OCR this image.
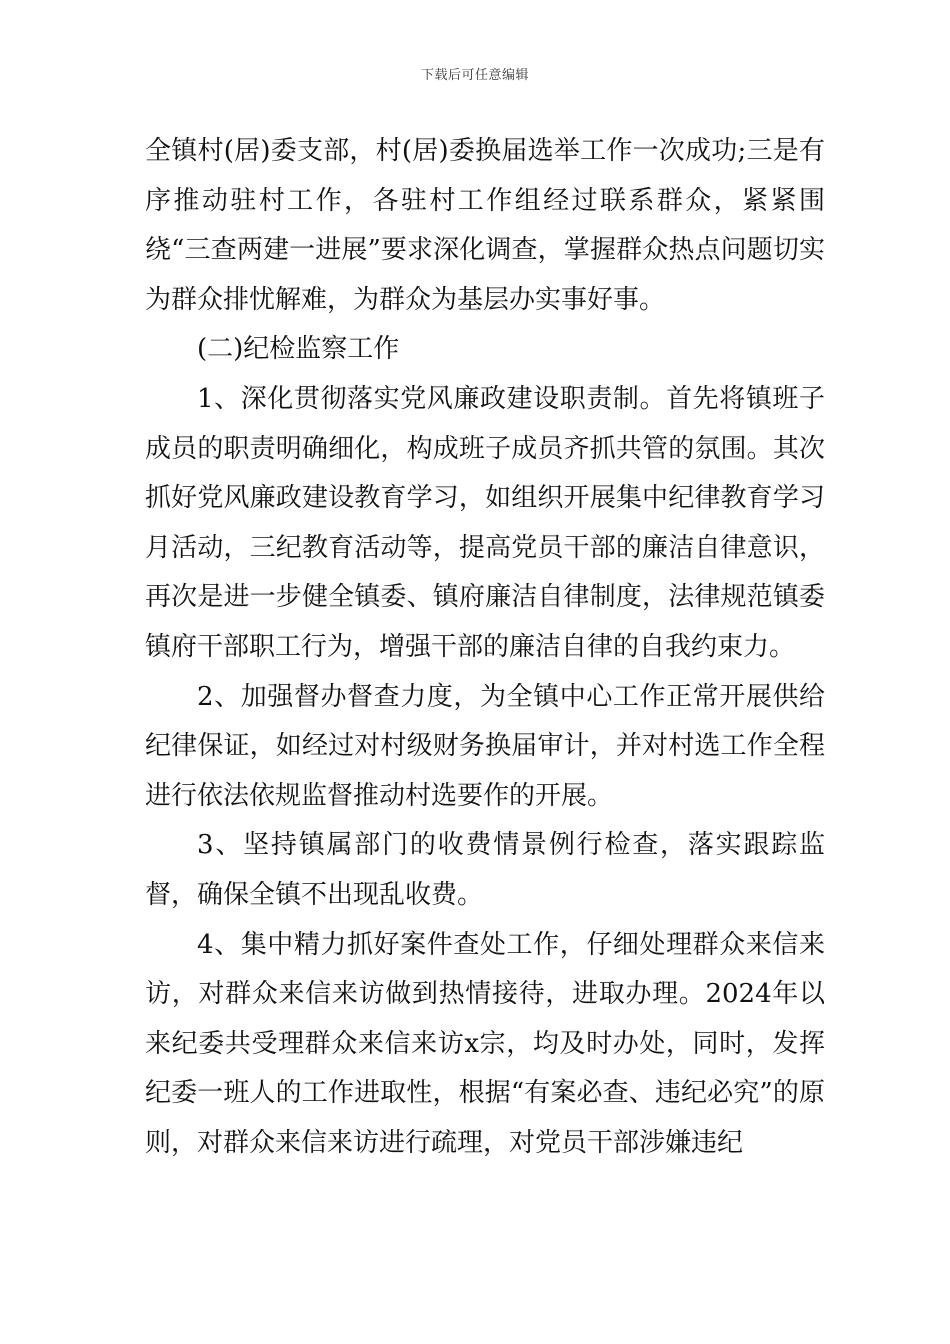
下载后可任意编辑

全镇村(居)委支部，村(居)委换届选举工作一次成功;三是有序推动驻村工作，各驻村工作组经过联系群众，紧紧围绕“三查两建一进展”要求深化调查，掌握群众热点问题切实为群众排忧解难，为群众为基层办实事好事。

(二)纪检监察工作

1、深化贯彻落实党风廉政建设职责制。首先将镇班子成员的职责明确细化，构成班子成员齐抓共管的氛围。其次抓好党风廉政建设教育学习，如组织开展集中纪律教育学习月活动，三纪教育活动等，提高党员干部的廉洁自律意识，再次是进一步健全镇委、镇府廉洁自律制度，法律规范镇委镇府干部职工行为，增强干部的廉洁自律的自我约束力。

2、加强督办督查力度，为全镇中心工作正常开展供给纪律保证，如经过对村级财务换届审计，并对村选工作全程进行依法依规监督推动村选要作的开展。

3、坚持镇属部门的收费情景例行检查，落实跟踪监督，确保全镇不出现乱收费。

4、集中精力抓好案件查处工作，仔细处理群众来信来访，对群众来信来访做到热情接待，进取办理。2024年以来纪委共受理群众来信来访x宗，均及时办处，同时，发挥纪委一班人的工作进取性，根据“有案必查、违纪必究”的原则，对群众来信来访进行疏理，对党员干部涉嫌违纪
